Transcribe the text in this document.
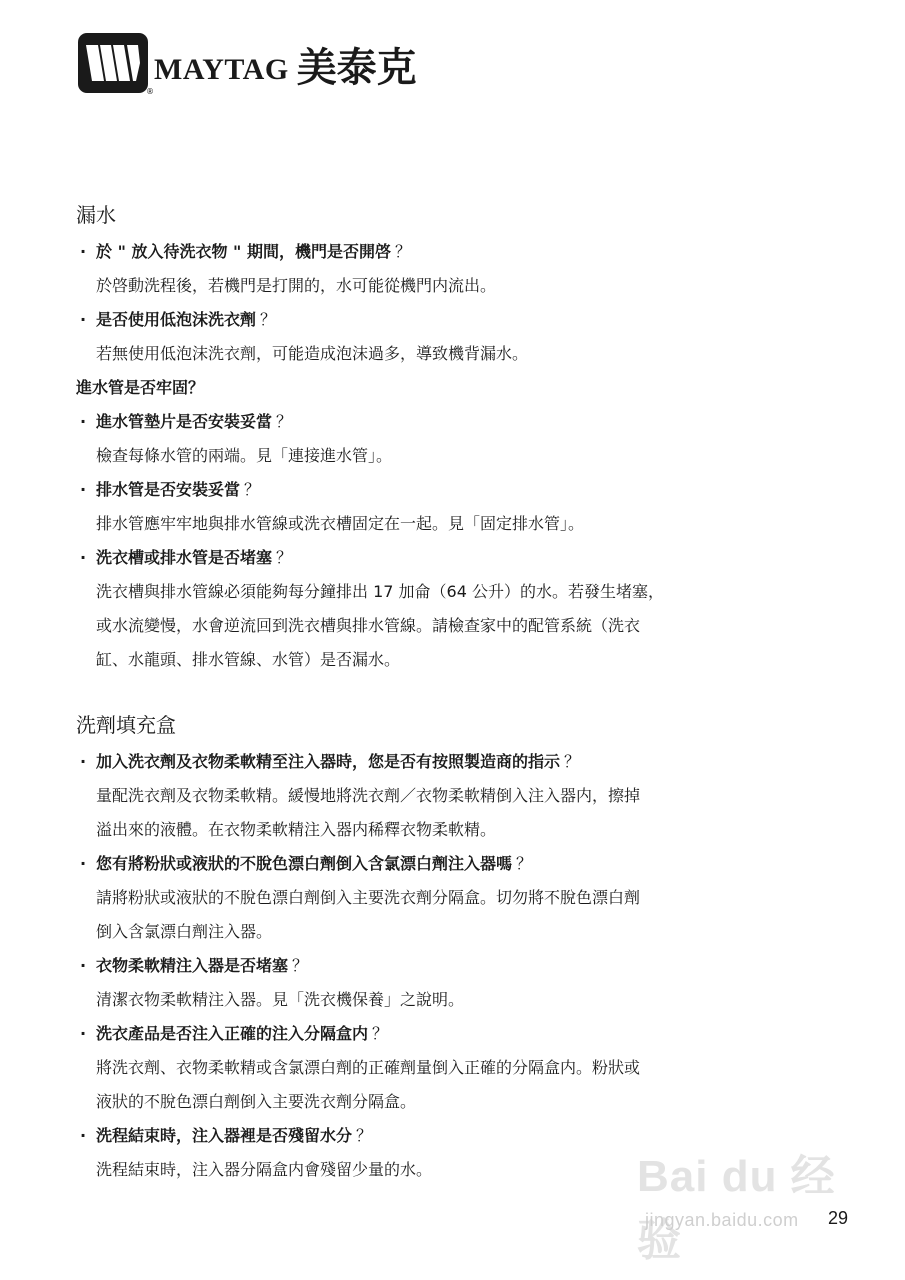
®
MAYTAG 美泰克
漏水

· 於 " 放入待洗衣物 " 期間，機門是否開啓 ？

於啓動洗程後，若機門是打開的，水可能從機門内流出。

· 是否使用低泡沫洗衣劑 ？

若無使用低泡沫洗衣劑，可能造成泡沫過多，導致機背漏水。

進水管是否牢固？

· 進水管墊片是否安裝妥當 ？

檢查每條水管的兩端。見「連接進水管」。

· 排水管是否安裝妥當 ？

排水管應牢牢地與排水管線或洗衣槽固定在一起。見「固定排水管」。

· 洗衣槽或排水管是否堵塞 ？

洗衣槽與排水管線必須能夠每分鐘排出 17 加侖（64 公升）的水。若發生堵塞，

或水流變慢，水會逆流回到洗衣槽與排水管線。請檢查家中的配管系統（洗衣

缸、水龍頭、排水管線、水管）是否漏水。

洗劑填充盒

· 加入洗衣劑及衣物柔軟精至注入器時，您是否有按照製造商的指示 ？

量配洗衣劑及衣物柔軟精。緩慢地將洗衣劑／衣物柔軟精倒入注入器内，擦掉

溢出來的液體。在衣物柔軟精注入器内稀釋衣物柔軟精。

· 您有將粉狀或液狀的不脫色漂白劑倒入含氯漂白劑注入器嗎 ？

請將粉狀或液狀的不脫色漂白劑倒入主要洗衣劑分隔盒。切勿將不脫色漂白劑

倒入含氯漂白劑注入器。

· 衣物柔軟精注入器是否堵塞 ？

清潔衣物柔軟精注入器。見「洗衣機保養」之說明。

· 洗衣產品是否注入正確的注入分隔盒内 ？

將洗衣劑、衣物柔軟精或含氯漂白劑的正確劑量倒入正確的分隔盒内。粉狀或

液狀的不脫色漂白劑倒入主要洗衣劑分隔盒。

· 洗程結束時，注入器裡是否殘留水分 ？

洗程結束時，注入器分隔盒内會殘留少量的水。	Bai du 经验
jingyan.baidu.com 29
